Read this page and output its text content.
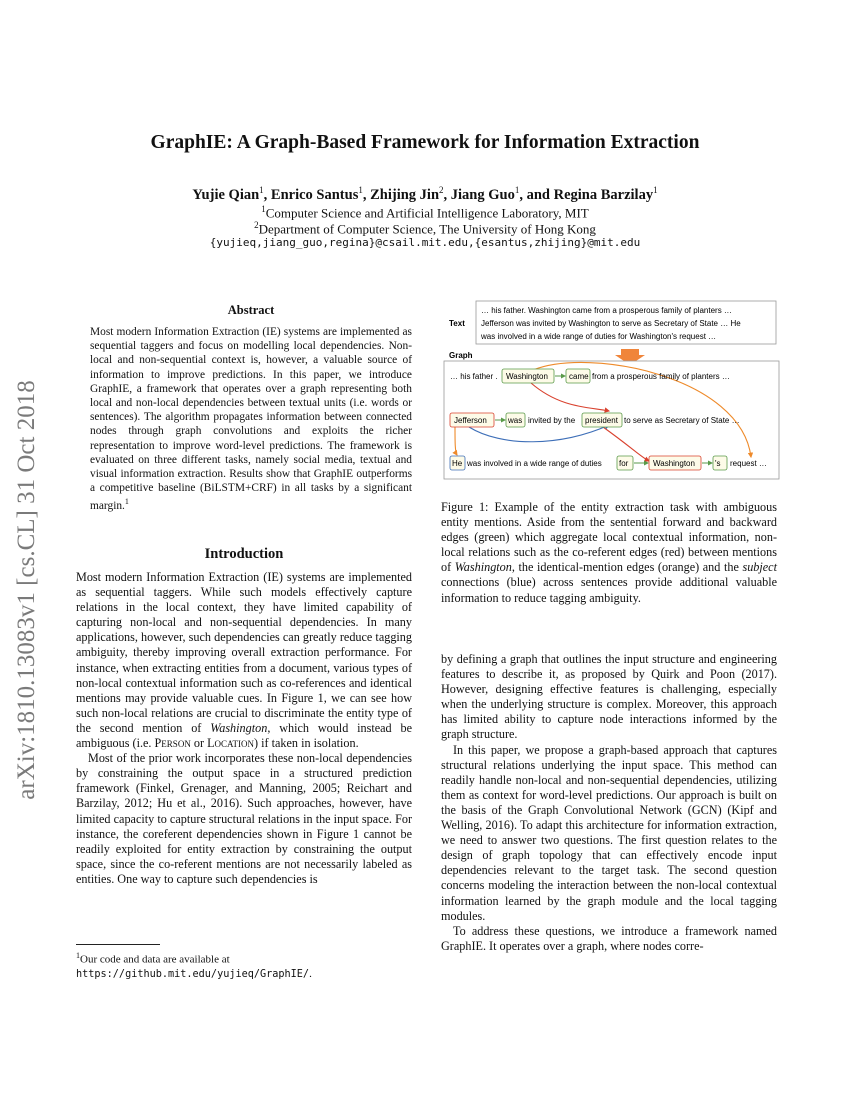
arXiv:1810.13083v1 [cs.CL] 31 Oct 2018
GraphIE: A Graph-Based Framework for Information Extraction
Yujie Qian$^1$, Enrico Santus$^1$, Zhijing Jin$^2$, Jiang Guo$^1$, and Regina Barzilay$^1$
$^1$Computer Science and Artificial Intelligence Laboratory, MIT
$^2$Department of Computer Science, The University of Hong Kong
{yujieq,jiang_guo,regina}@csail.mit.edu,{esantus,zhijing}@mit.edu
Abstract
Most modern Information Extraction (IE) systems are implemented as sequential taggers and focus on modelling local dependencies. Non-local and non-sequential context is, however, a valuable source of information to improve predictions. In this paper, we introduce GraphIE, a framework that operates over a graph representing both local and non-local dependencies between textual units (i.e. words or sentences). The algorithm propagates information between connected nodes through graph convolutions and exploits the richer representation to improve word-level predictions. The framework is evaluated on three different tasks, namely social media, textual and visual information extraction. Results show that GraphIE outperforms a competitive baseline (BiLSTM+CRF) in all tasks by a significant margin.$^1$
Introduction

Most modern Information Extraction (IE) systems are implemented as sequential taggers. While such models effectively capture relations in the local context, they have limited capability of capturing non-local and non-sequential dependencies. In many applications, however, such dependencies can greatly reduce tagging ambiguity, thereby improving overall extraction performance. For instance, when extracting entities from a document, various types of non-local contextual information such as co-references and identical mentions may provide valuable cues. In Figure 1, we can see how such non-local relations are crucial to discriminate the entity type of the second mention of Washington, which would instead be ambiguous (i.e. Person or Location) if taken in isolation.

Most of the prior work incorporates these non-local dependencies by constraining the output space in a structured prediction framework (Finkel, Grenager, and Manning, 2005; Reichart and Barzilay, 2012; Hu et al., 2016). Such approaches, however, have limited capacity to capture structural relations in the input space. For instance, the coreferent dependencies shown in Figure 1 cannot be readily exploited for entity extraction by constraining the output space, since the co-referent mentions are not necessarily labeled as entities. One way to capture such dependencies is

$^1$Our code and data are available at https://github.mit.edu/yujieq/GraphIE/.
Text
… his father. Washington came from a prosperous family of planters …
Jefferson was invited by Washington to serve as Secretary of State … He
was involved in a wide range of duties for Washington's request …
Graph
… his father . Washington	came from a prosperous family of planters …
Jefferson	was invited by the president to serve as Secretary of State …
He was involved in a wide range of duties for	Washington	's request …
Figure 1: Example of the entity extraction task with ambiguous entity mentions. Aside from the sentential forward and backward edges (green) which aggregate local contextual information, non-local relations such as the co-referent edges (red) between mentions of Washington, the identical-mention edges (orange) and the subject connections (blue) across sentences provide additional valuable information to reduce tagging ambiguity.

by defining a graph that outlines the input structure and engineering features to describe it, as proposed by Quirk and Poon (2017). However, designing effective features is challenging, especially when the underlying structure is complex. Moreover, this approach has limited ability to capture node interactions informed by the graph structure.

In this paper, we propose a graph-based approach that captures structural relations underlying the input space. This method can readily handle non-local and non-sequential dependencies, utilizing them as context for word-level predictions. Our approach is built on the basis of the Graph Convolutional Network (GCN) (Kipf and Welling, 2016). To adapt this architecture for information extraction, we need to answer two questions. The first question relates to the design of graph topology that can effectively encode input dependencies relevant to the target task. The second question concerns modeling the interaction between the non-local contextual information learned by the graph module and the local tagging modules.

To address these questions, we introduce a framework named GraphIE. It operates over a graph, where nodes corre-
